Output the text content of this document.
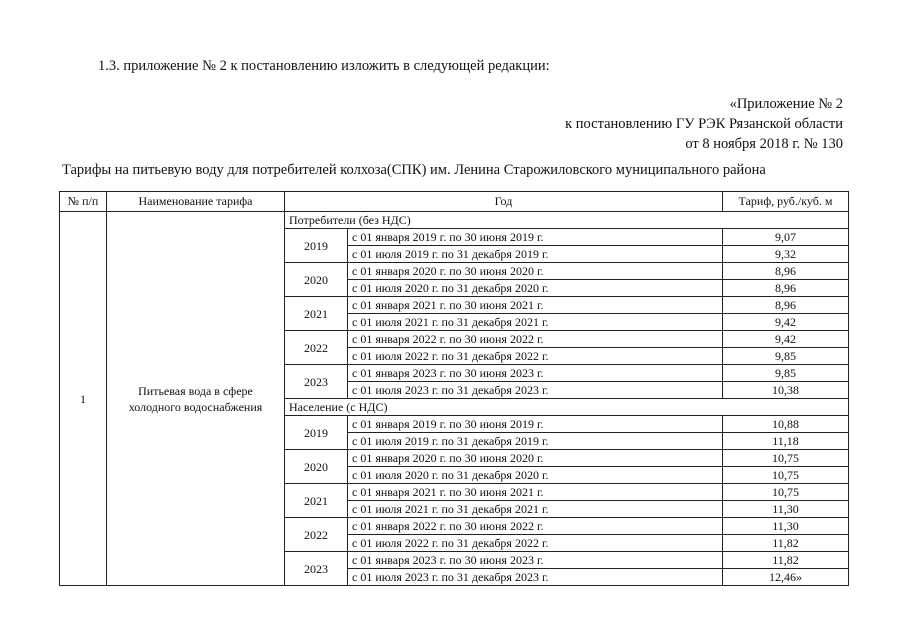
1.3. приложение № 2 к постановлению изложить в следующей редакции:
«Приложение № 2
к постановлению ГУ РЭК Рязанской области
от 8 ноября 2018 г. № 130
Тарифы на питьевую воду для потребителей колхоза(СПК) им. Ленина Старожиловского муниципального района
№ п/п	Наименование тарифа	Год		Тариф, руб./куб. м
1	Питьевая вода в сфере холодного водоснабжения	Потребители (без НДС)		
		2019	с 01 января 2019 г. по 30 июня 2019 г.	9,07
			с 01 июля 2019 г. по 31 декабря 2019 г.	9,32
		2020	с 01 января 2020 г. по 30 июня 2020 г.	8,96
			с 01 июля 2020 г. по 31 декабря 2020 г.	8,96
		2021	с 01 января 2021 г. по 30 июня 2021 г.	8,96
			с 01 июля 2021 г. по 31 декабря 2021 г.	9,42
		2022	с 01 января 2022 г. по 30 июня 2022 г.	9,42
			с 01 июля 2022 г. по 31 декабря 2022 г.	9,85
		2023	с 01 января 2023 г. по 30 июня 2023 г.	9,85
			с 01 июля 2023 г. по 31 декабря 2023 г.	10,38
		Население (с НДС)		
		2019	с 01 января 2019 г. по 30 июня 2019 г.	10,88
			с 01 июля 2019 г. по 31 декабря 2019 г.	11,18
		2020	с 01 января 2020 г. по 30 июня 2020 г.	10,75
			с 01 июля 2020 г. по 31 декабря 2020 г.	10,75
		2021	с 01 января 2021 г. по 30 июня 2021 г.	10,75
			с 01 июля 2021 г. по 31 декабря 2021 г.	11,30
		2022	с 01 января 2022 г. по 30 июня 2022 г.	11,30
			с 01 июля 2022 г. по 31 декабря 2022 г.	11,82
		2023	с 01 января 2023 г. по 30 июня 2023 г.	11,82
			с 01 июля 2023 г. по 31 декабря 2023 г.	12,46»
